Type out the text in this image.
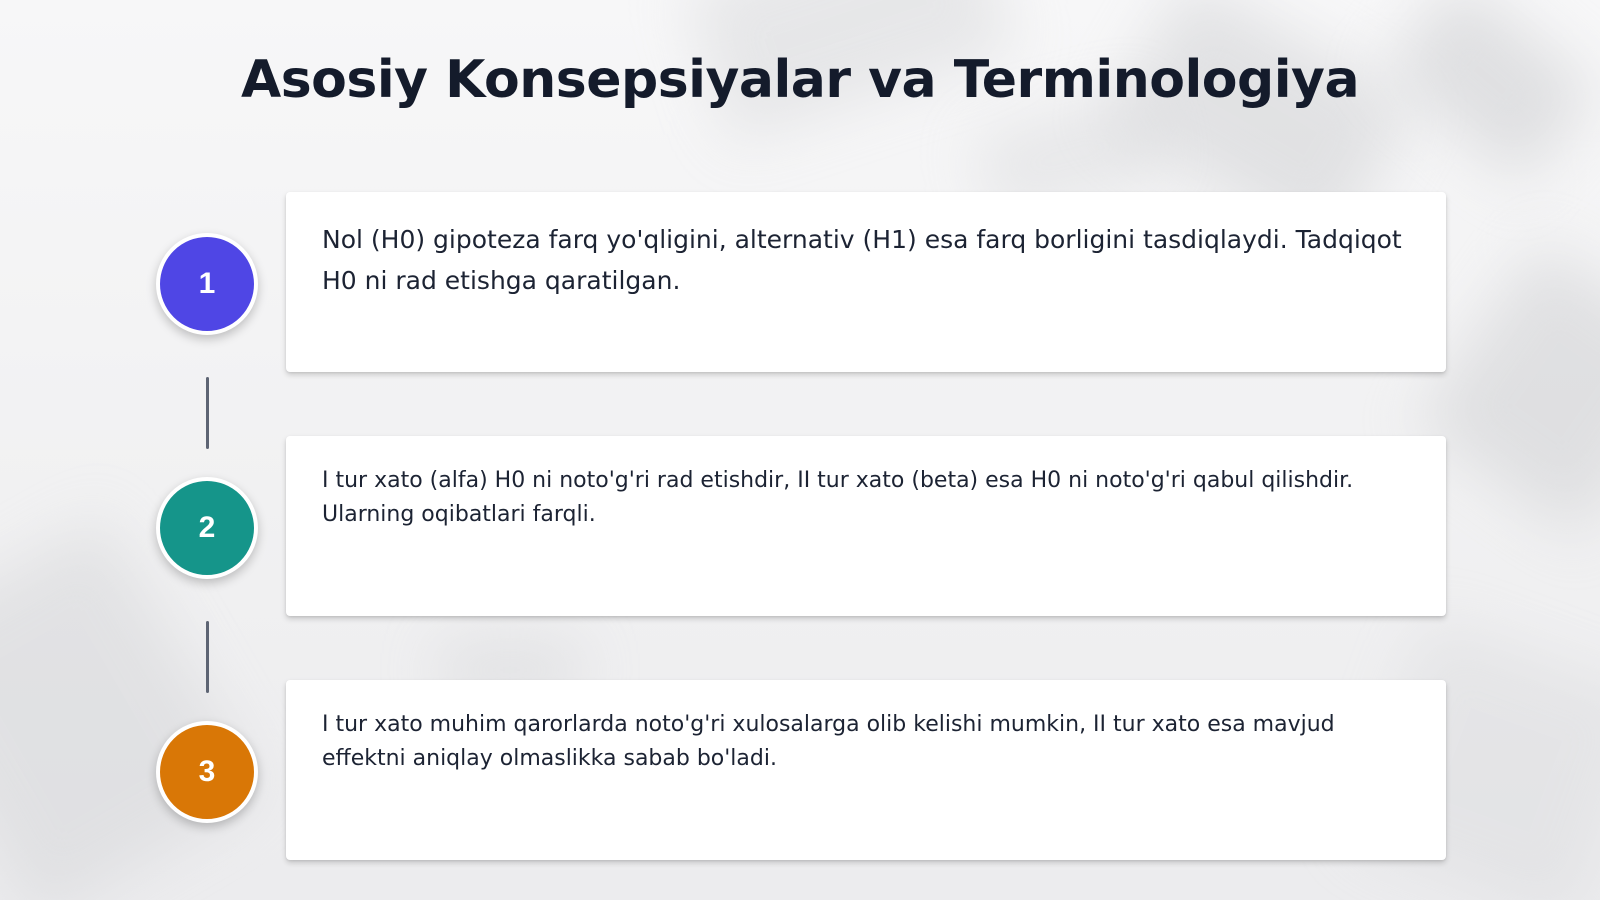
Asosiy Konsepsiyalar va Terminologiya
1

Nol (H0) gipoteza farq yo'qligini, alternativ (H1) esa farq borligini tasdiqlaydi. Tadqiqot H0 ni rad etishga qaratilgan.

2

I tur xato (alfa) H0 ni noto'g'ri rad etishdir, II tur xato (beta) esa H0 ni noto'g'ri qabul qilishdir. Ularning oqibatlari farqli.

3

I tur xato muhim qarorlarda noto'g'ri xulosalarga olib kelishi mumkin, II tur xato esa mavjud effektni aniqlay olmaslikka sabab bo'ladi.
